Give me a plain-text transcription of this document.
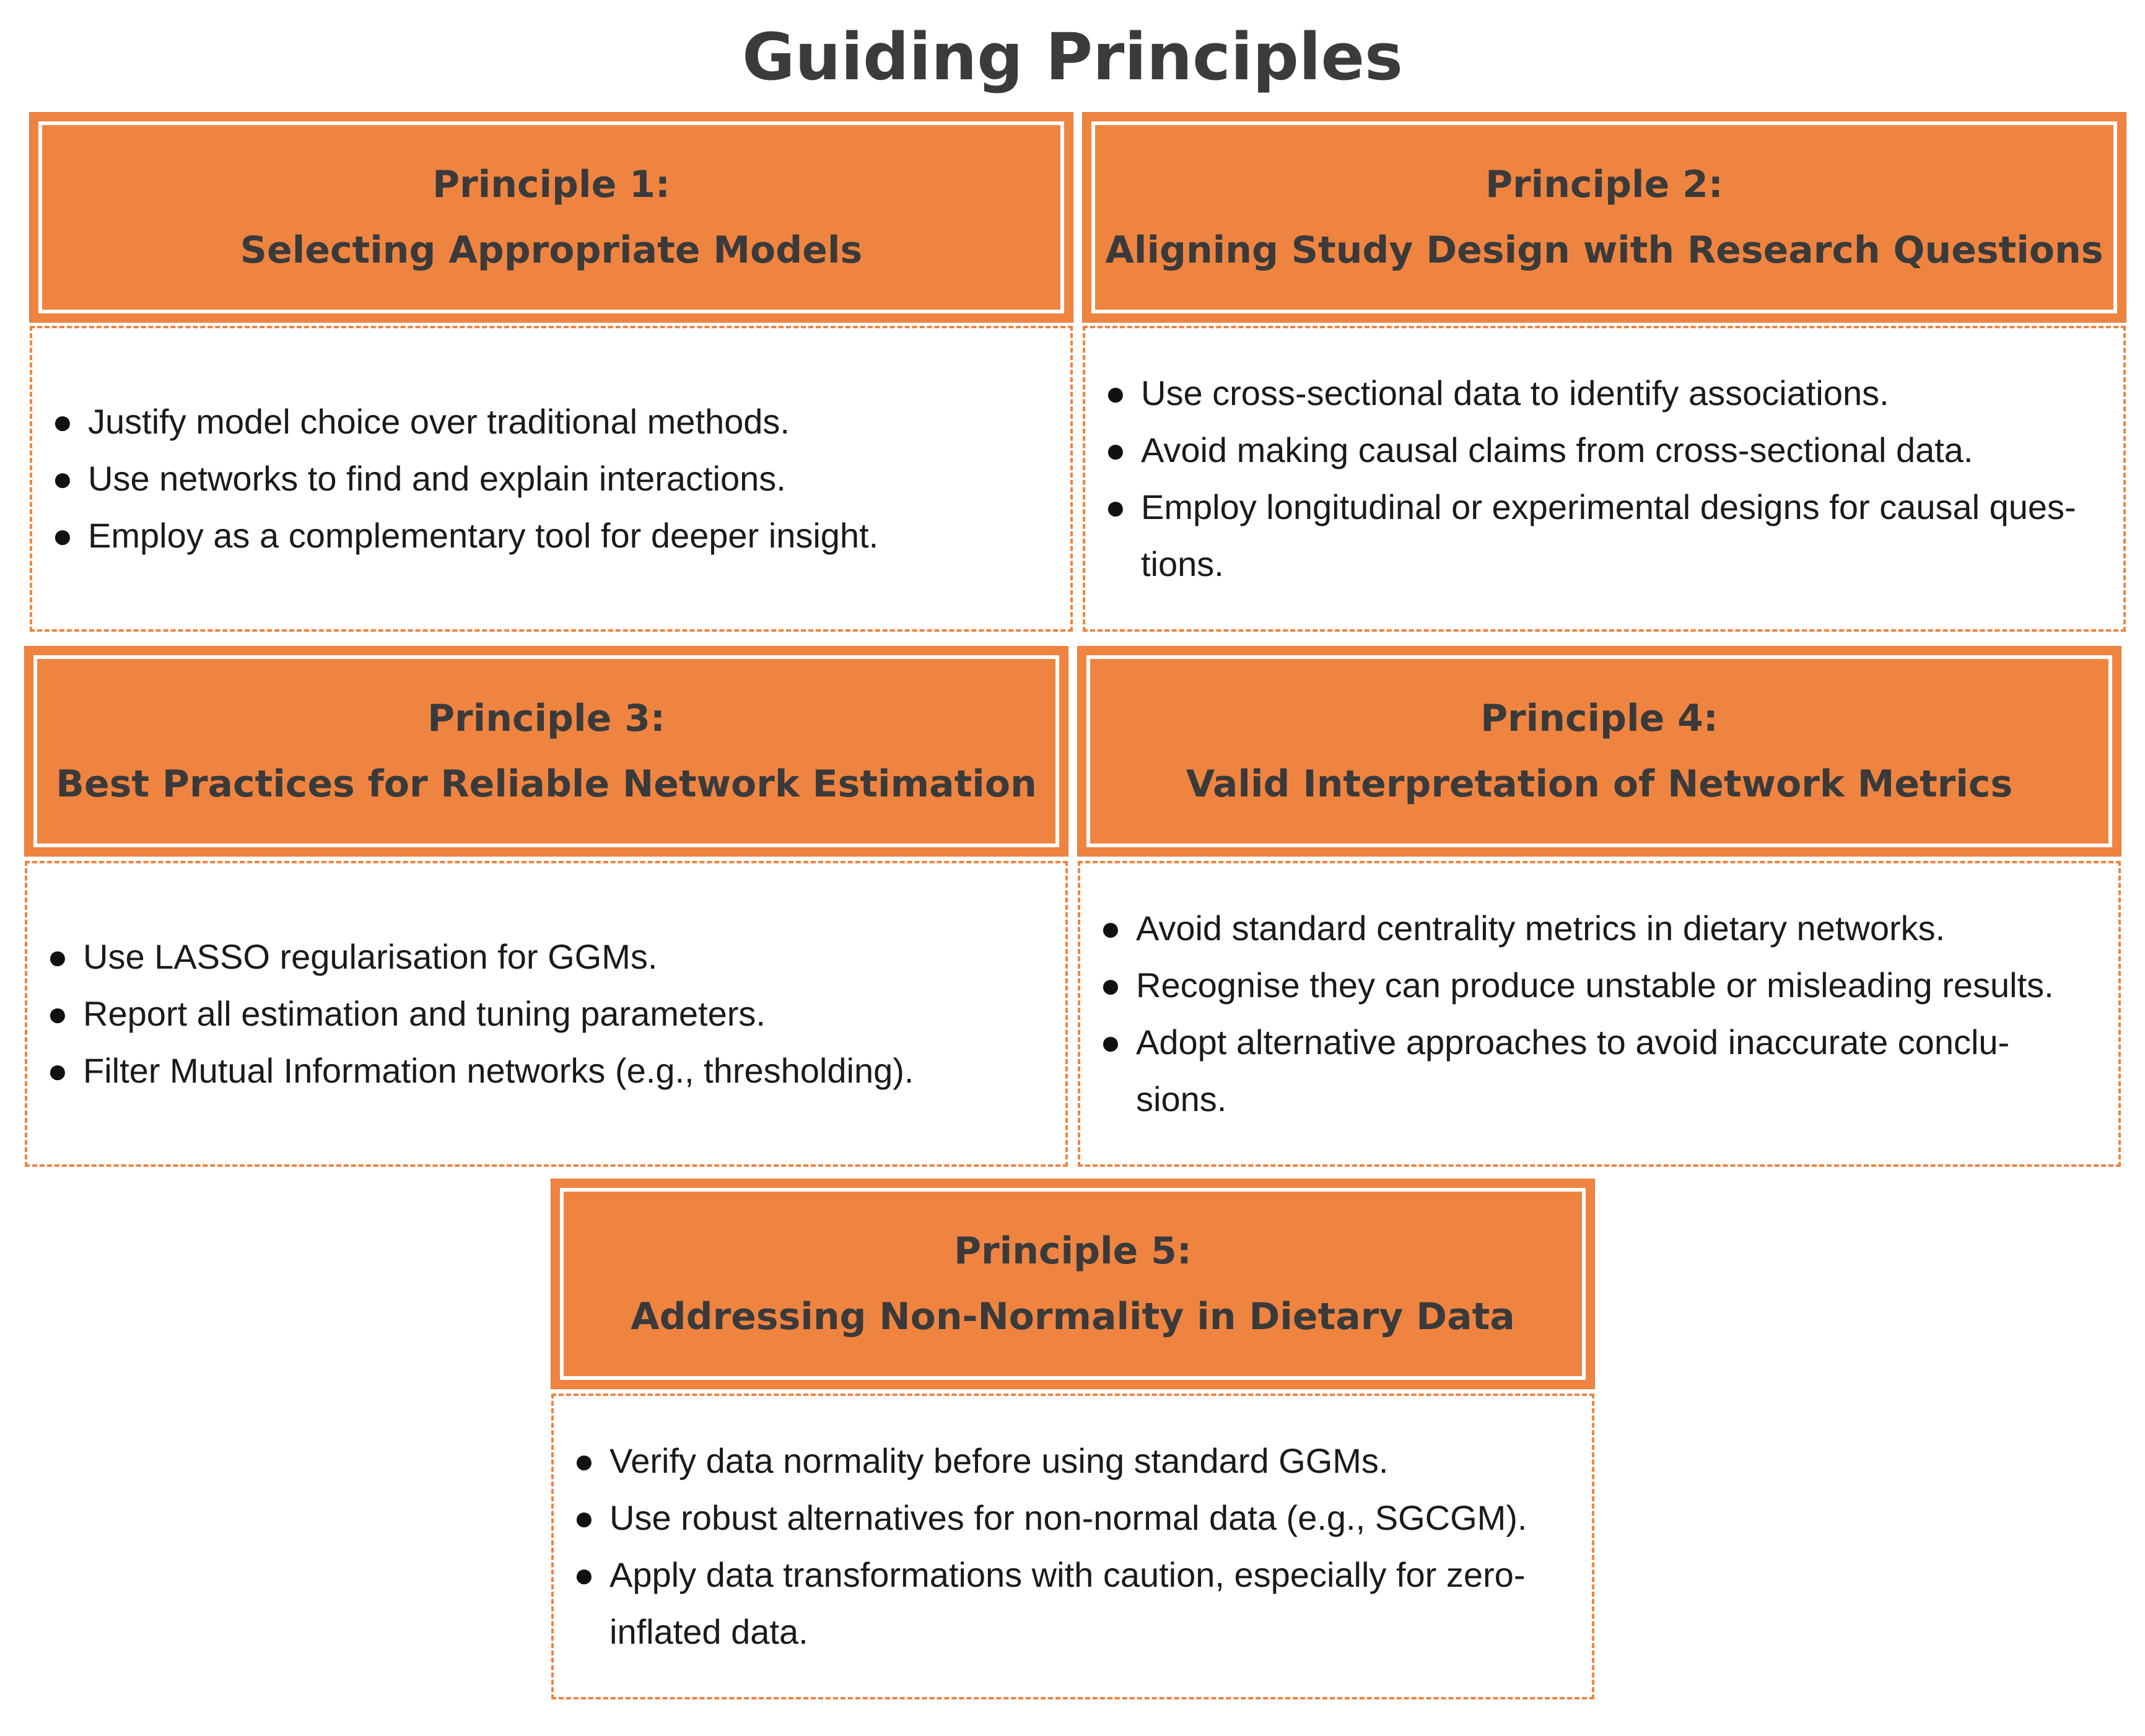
Guiding Principles
Principle 1:
Selecting Appropriate Models
● Justify model choice over traditional methods.
● Use networks to find and explain interactions.
● Employ as a complementary tool for deeper insight.
Principle 2:
Aligning Study Design with Research Questions
● Use cross-sectional data to identify associations.
● Avoid making causal claims from cross-sectional data.
● Employ longitudinal or experimental designs for causal ques-
tions.
Principle 3:
Best Practices for Reliable Network Estimation
● Use LASSO regularisation for GGMs.
● Report all estimation and tuning parameters.
● Filter Mutual Information networks (e.g., thresholding).
Principle 4:
Valid Interpretation of Network Metrics
● Avoid standard centrality metrics in dietary networks.
● Recognise they can produce unstable or misleading results.
● Adopt alternative approaches to avoid inaccurate conclu-
sions.
Principle 5:
Addressing Non-Normality in Dietary Data
● Verify data normality before using standard GGMs.
● Use robust alternatives for non-normal data (e.g., SGCGM).
● Apply data transformations with caution, especially for zero-
inflated data.
